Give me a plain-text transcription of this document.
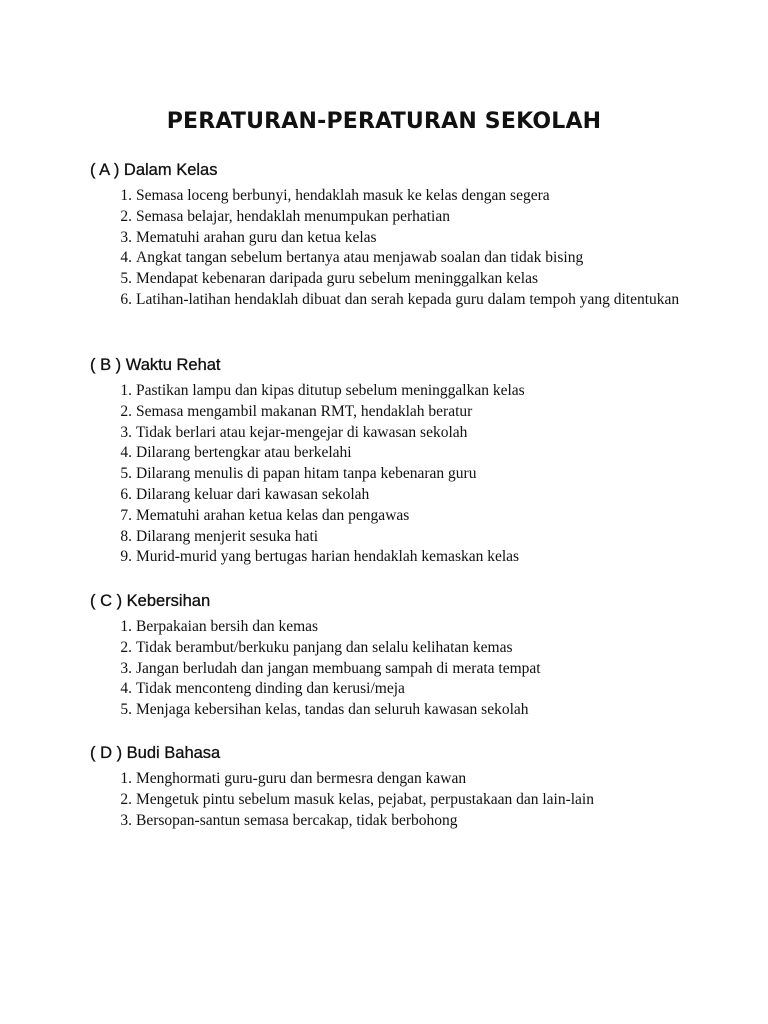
PERATURAN-PERATURAN SEKOLAH
( A ) Dalam Kelas
1 . Semasa loceng berbunyi, hendaklah masuk ke kelas dengan segera
2 . Semasa belajar, hendaklah menumpukan perhatian
3 . Mematuhi arahan guru dan ketua kelas
4 . Angkat tangan sebelum bertanya atau menjawab soalan dan tidak bising
5 . Mendapat kebenaran daripada guru sebelum meninggalkan kelas
6 . Latihan-latihan hendaklah dibuat dan serah kepada guru dalam tempoh yang ditentukan
( B ) Waktu Rehat
1 . Pastikan lampu dan kipas ditutup sebelum meninggalkan kelas
2 . Semasa mengambil makanan RMT, hendaklah beratur
3 . Tidak berlari atau kejar-mengejar di kawasan sekolah
4 . Dilarang bertengkar atau berkelahi
5 . Dilarang menulis di papan hitam tanpa kebenaran guru
6 . Dilarang keluar dari kawasan sekolah
7 . Mematuhi arahan ketua kelas dan pengawas
8 . Dilarang menjerit sesuka hati
9 . Murid-murid yang bertugas harian hendaklah kemaskan kelas
( C ) Kebersihan
1 . Berpakaian bersih dan kemas
2 . Tidak berambut/berkuku panjang dan selalu kelihatan kemas
3 . Jangan berludah dan jangan membuang sampah di merata tempat
4 . Tidak menconteng dinding dan kerusi/meja
5 . Menjaga kebersihan kelas, tandas dan seluruh kawasan sekolah
( D ) Budi Bahasa
1 . Menghormati guru-guru dan bermesra dengan kawan
2 . Mengetuk pintu sebelum masuk kelas, pejabat, perpustakaan dan lain-lain
3 . Bersopan-santun semasa bercakap, tidak berbohong
